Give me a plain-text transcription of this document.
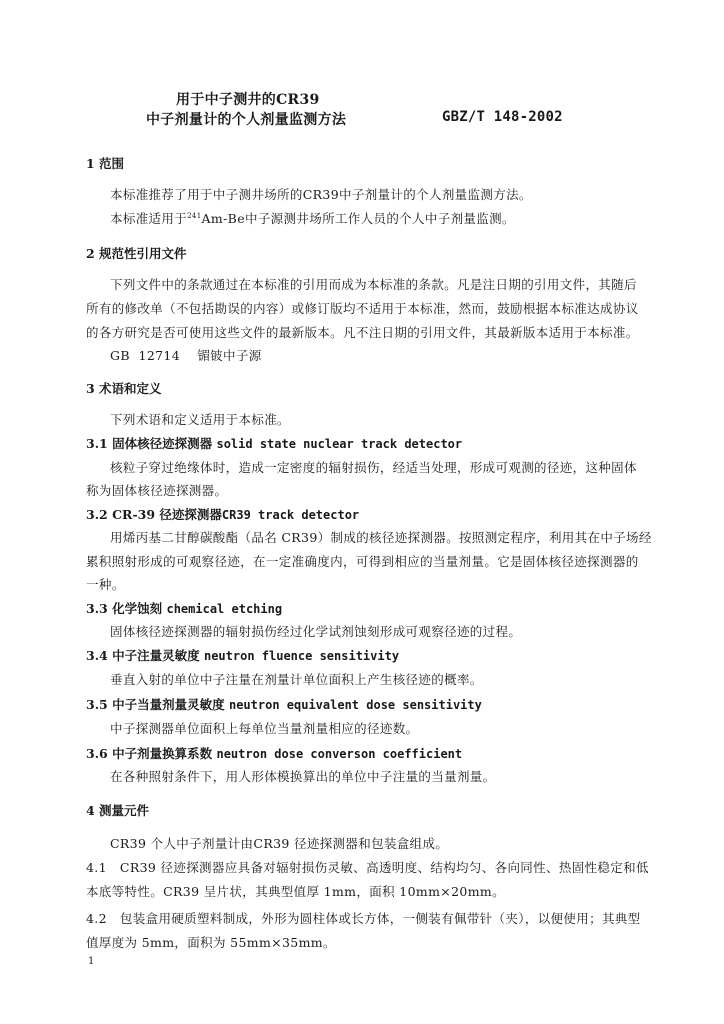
用于中子测井的CR39
中子剂量计的个人剂量监测方法	GBZ/T 148-2002
1 范围
本标准推荐了用于中子测井场所的CR39中子剂量计的个人剂量监测方法。
本标准适用于$^{241}$Am-Be中子源测井场所工作人员的个人中子剂量监测。
2 规范性引用文件
下列文件中的条款通过在本标准的引用而成为本标准的条款。凡是注日期的引用文件，其随后
所有的修改单（不包括勘误的内容）或修订版均不适用于本标准，然而，鼓励根据本标准达成协议
的各方研究是否可使用这些文件的最新版本。凡不注日期的引用文件，其最新版本适用于本标准。
GB  12714    镅铍中子源
3 术语和定义
下列术语和定义适用于本标准。
3.1 固体核径迹探测器 solid state nuclear track detector
核粒子穿过绝缘体时，造成一定密度的辐射损伤，经适当处理，形成可观测的径迹，这种固体
称为固体核径迹探测器。
3.2 CR-39 径迹探测器CR39 track detector
用烯丙基二甘醇碳酸酯（品名 CR39）制成的核径迹探测器。按照测定程序，利用其在中子场经
累积照射形成的可观察径迹，在一定准确度内，可得到相应的当量剂量。它是固体核径迹探测器的
一种。
3.3 化学蚀刻 chemical etching
固体核径迹探测器的辐射损伤经过化学试剂蚀刻形成可观察径迹的过程。
3.4 中子注量灵敏度 neutron fluence sensitivity
垂直入射的单位中子注量在剂量计单位面积上产生核径迹的概率。
3.5 中子当量剂量灵敏度 neutron equivalent dose sensitivity
中子探测器单位面积上每单位当量剂量相应的径迹数。
3.6 中子剂量换算系数 neutron dose converson coefficient
在各种照射条件下，用人形体模换算出的单位中子注量的当量剂量。
4 测量元件
CR39 个人中子剂量计由CR39 径迹探测器和包装盒组成。
4.1   CR39 径迹探测器应具备对辐射损伤灵敏、高透明度、结构均匀、各向同性、热固性稳定和低
本底等特性。CR39 呈片状，其典型值厚 1mm，面积 10mm×20mm。
4.2   包装盒用硬质塑料制成，外形为圆柱体或长方体，一侧装有佩带针（夹），以便使用；其典型
值厚度为 5mm，面积为 55mm×35mm。
1
